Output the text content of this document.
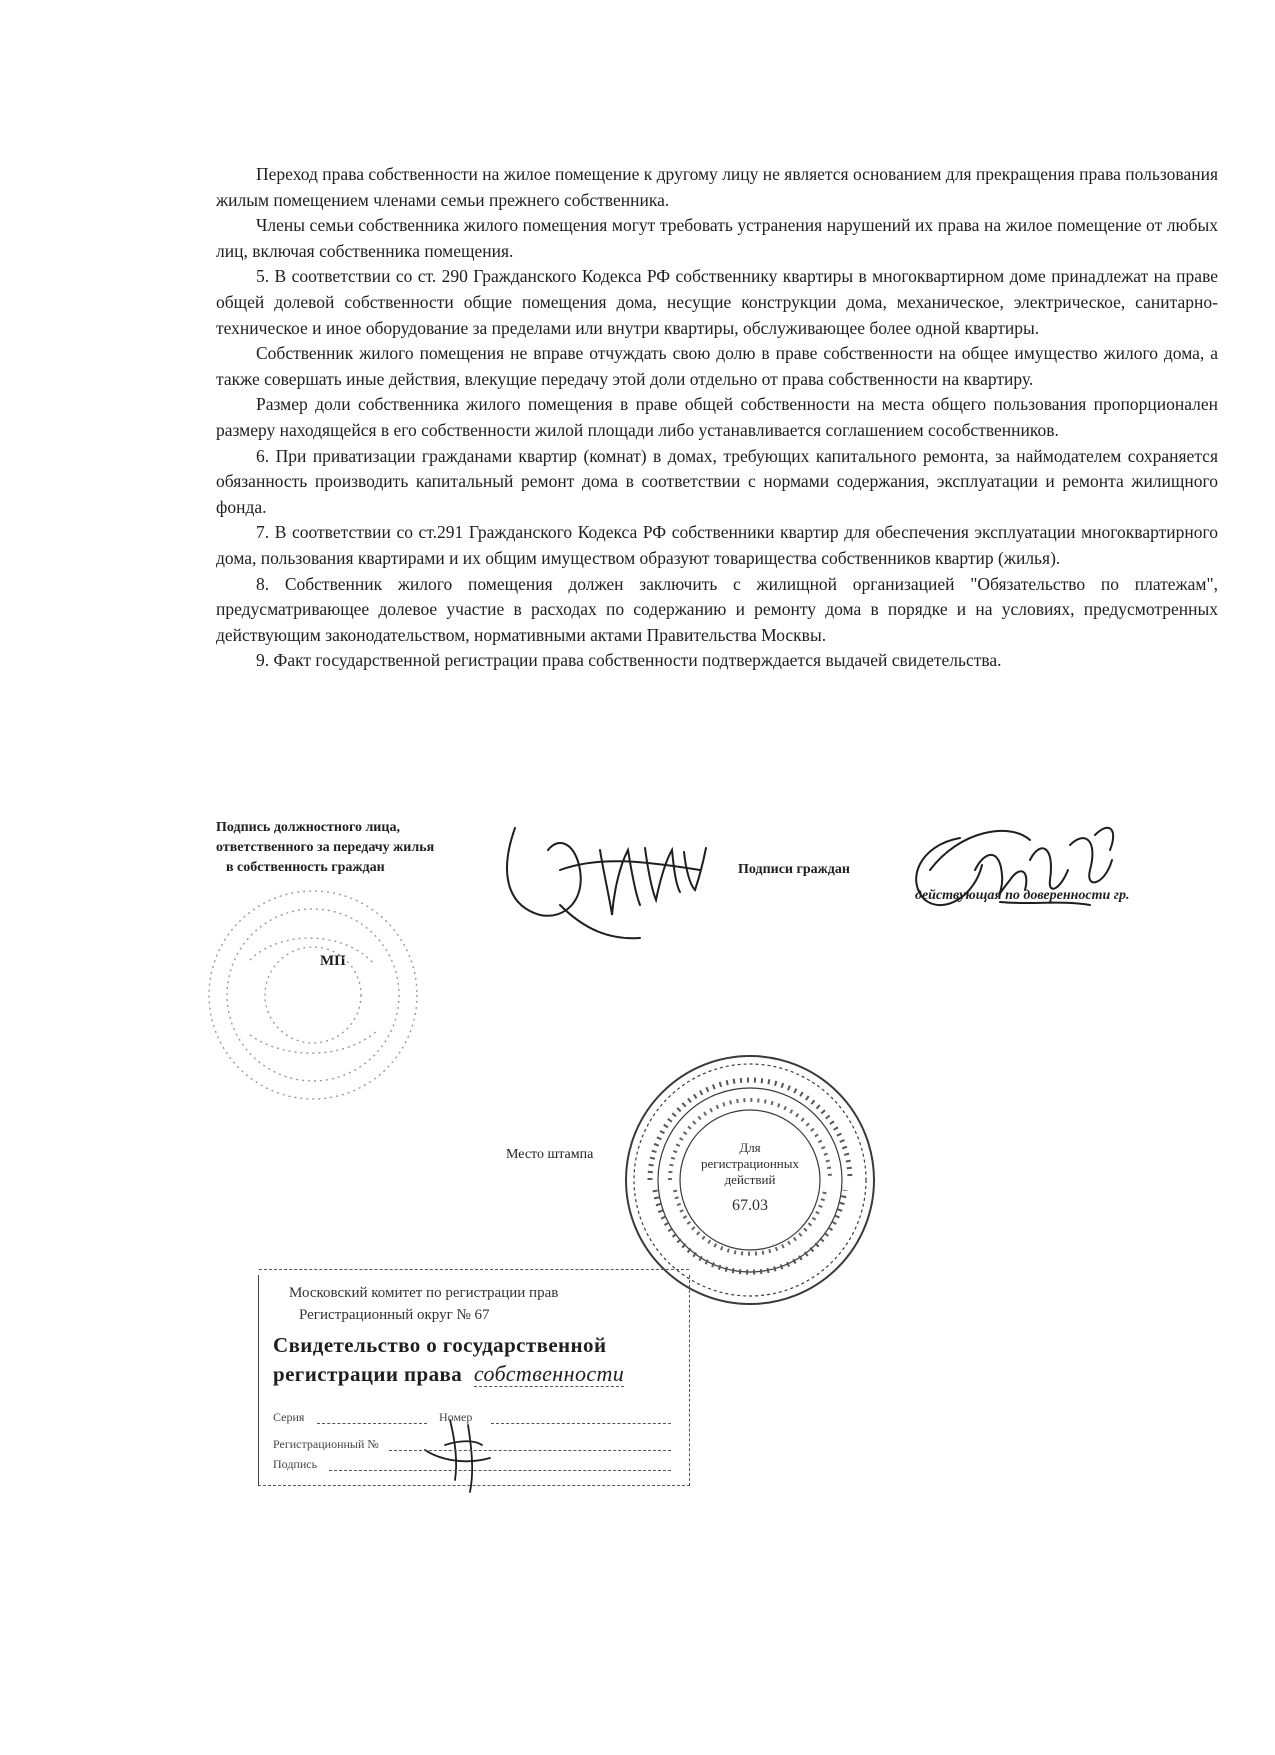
Переход права собственности на жилое помещение к другому лицу не является основанием для прекращения права пользования жилым помещением членами семьи прежнего собственника.

Члены семьи собственника жилого помещения могут требовать устранения нарушений их права на жилое помещение от любых лиц, включая собственника помещения.

5. В соответствии со ст. 290 Гражданского Кодекса РФ собственнику квартиры в многоквартирном доме принадлежат на праве общей долевой собственности общие помещения дома, несущие конструкции дома, механическое, электрическое, санитарно-техническое и иное оборудование за пределами или внутри квартиры, обслуживающее более одной квартиры.

Собственник жилого помещения не вправе отчуждать свою долю в праве собственности на общее имущество жилого дома, а также совершать иные действия, влекущие передачу этой доли отдельно от права собственности на квартиру.

Размер доли собственника жилого помещения в праве общей собственности на места общего пользования пропорционален размеру находящейся в его собственности жилой площади либо устанавливается соглашением сособственников.

6. При приватизации гражданами квартир (комнат) в домах, требующих капитального ремонта, за наймодателем сохраняется обязанность производить капитальный ремонт дома в соответствии с нормами содержания, эксплуатации и ремонта жилищного фонда.

7. В соответствии со ст.291 Гражданского Кодекса РФ собственники квартир для обеспечения эксплуатации многоквартирного дома, пользования квартирами и их общим имуществом образуют товарищества собственников квартир (жилья).

8. Собственник жилого помещения должен заключить с жилищной организацией "Обязательство по платежам", предусматривающее долевое участие в расходах по содержанию и ремонту дома в порядке и на условиях, предусмотренных действующим законодательством, нормативными актами Правительства Москвы.

9. Факт государственной регистрации права собственности подтверждается выдачей свидетельства.

Подпись должностного лица,
ответственного за передачу жилья
в собственность граждан	Подписи граждан
действующая по доверенности гр.
МП
Место штампа	Для
регистрационных
действий
67.03
Московский комитет по регистрации прав
Регистрационный округ № 67
Свидетельство о государственной
регистрации права собственности
Серия	Номер
Регистрационный №
Подпись
